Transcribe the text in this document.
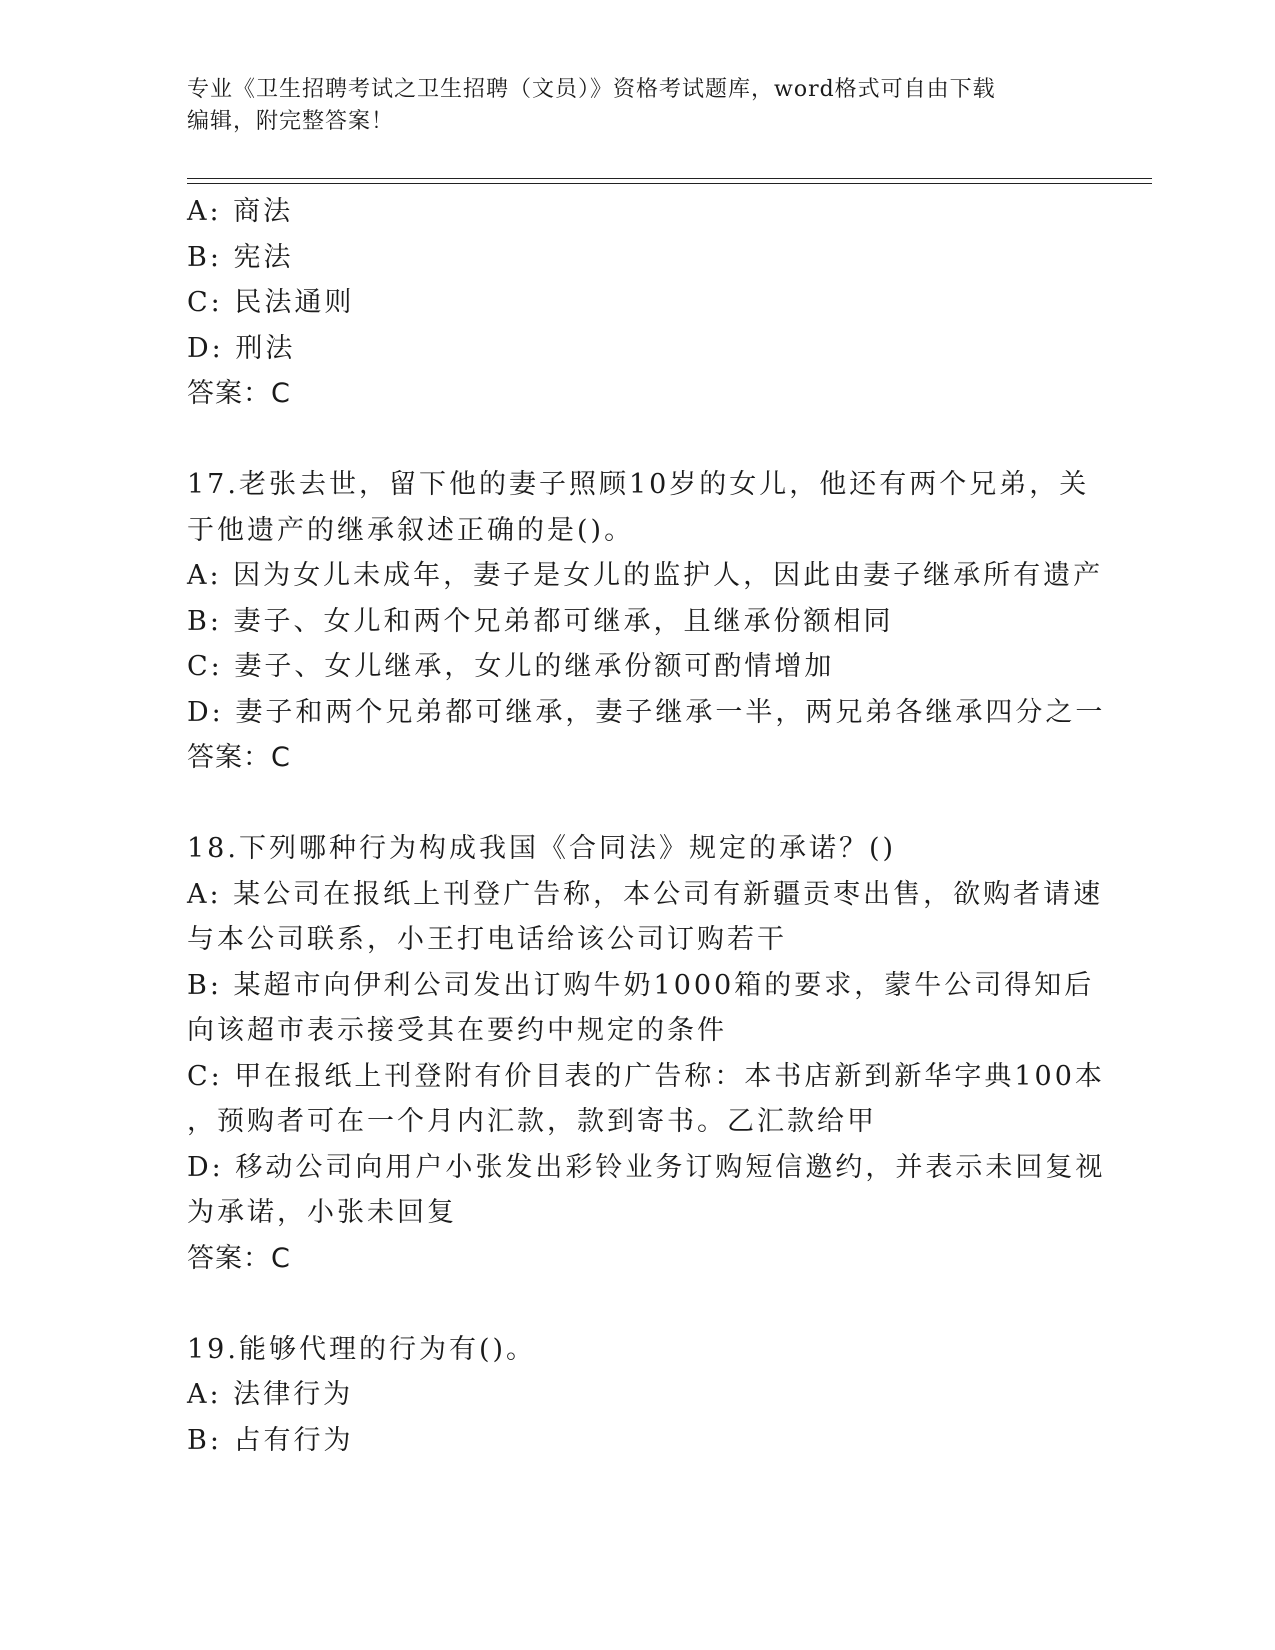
专业《卫生招聘考试之卫生招聘（文员）》资格考试题库，word格式可自由下载
编辑，附完整答案！
A: 商法
B: 宪法
C: 民法通则
D: 刑法
答案：C
17.老张去世，留下他的妻子照顾10岁的女儿，他还有两个兄弟，关
于他遗产的继承叙述正确的是()。
A: 因为女儿未成年，妻子是女儿的监护人，因此由妻子继承所有遗产
B: 妻子、女儿和两个兄弟都可继承，且继承份额相同
C: 妻子、女儿继承，女儿的继承份额可酌情增加
D: 妻子和两个兄弟都可继承，妻子继承一半，两兄弟各继承四分之一
答案：C
18.下列哪种行为构成我国《合同法》规定的承诺？()
A: 某公司在报纸上刊登广告称，本公司有新疆贡枣出售，欲购者请速
与本公司联系，小王打电话给该公司订购若干
B: 某超市向伊利公司发出订购牛奶1000箱的要求，蒙牛公司得知后
向该超市表示接受其在要约中规定的条件
C: 甲在报纸上刊登附有价目表的广告称：本书店新到新华字典100本
，预购者可在一个月内汇款，款到寄书。乙汇款给甲
D: 移动公司向用户小张发出彩铃业务订购短信邀约，并表示未回复视
为承诺，小张未回复
答案：C
19.能够代理的行为有()。
A: 法律行为
B: 占有行为
